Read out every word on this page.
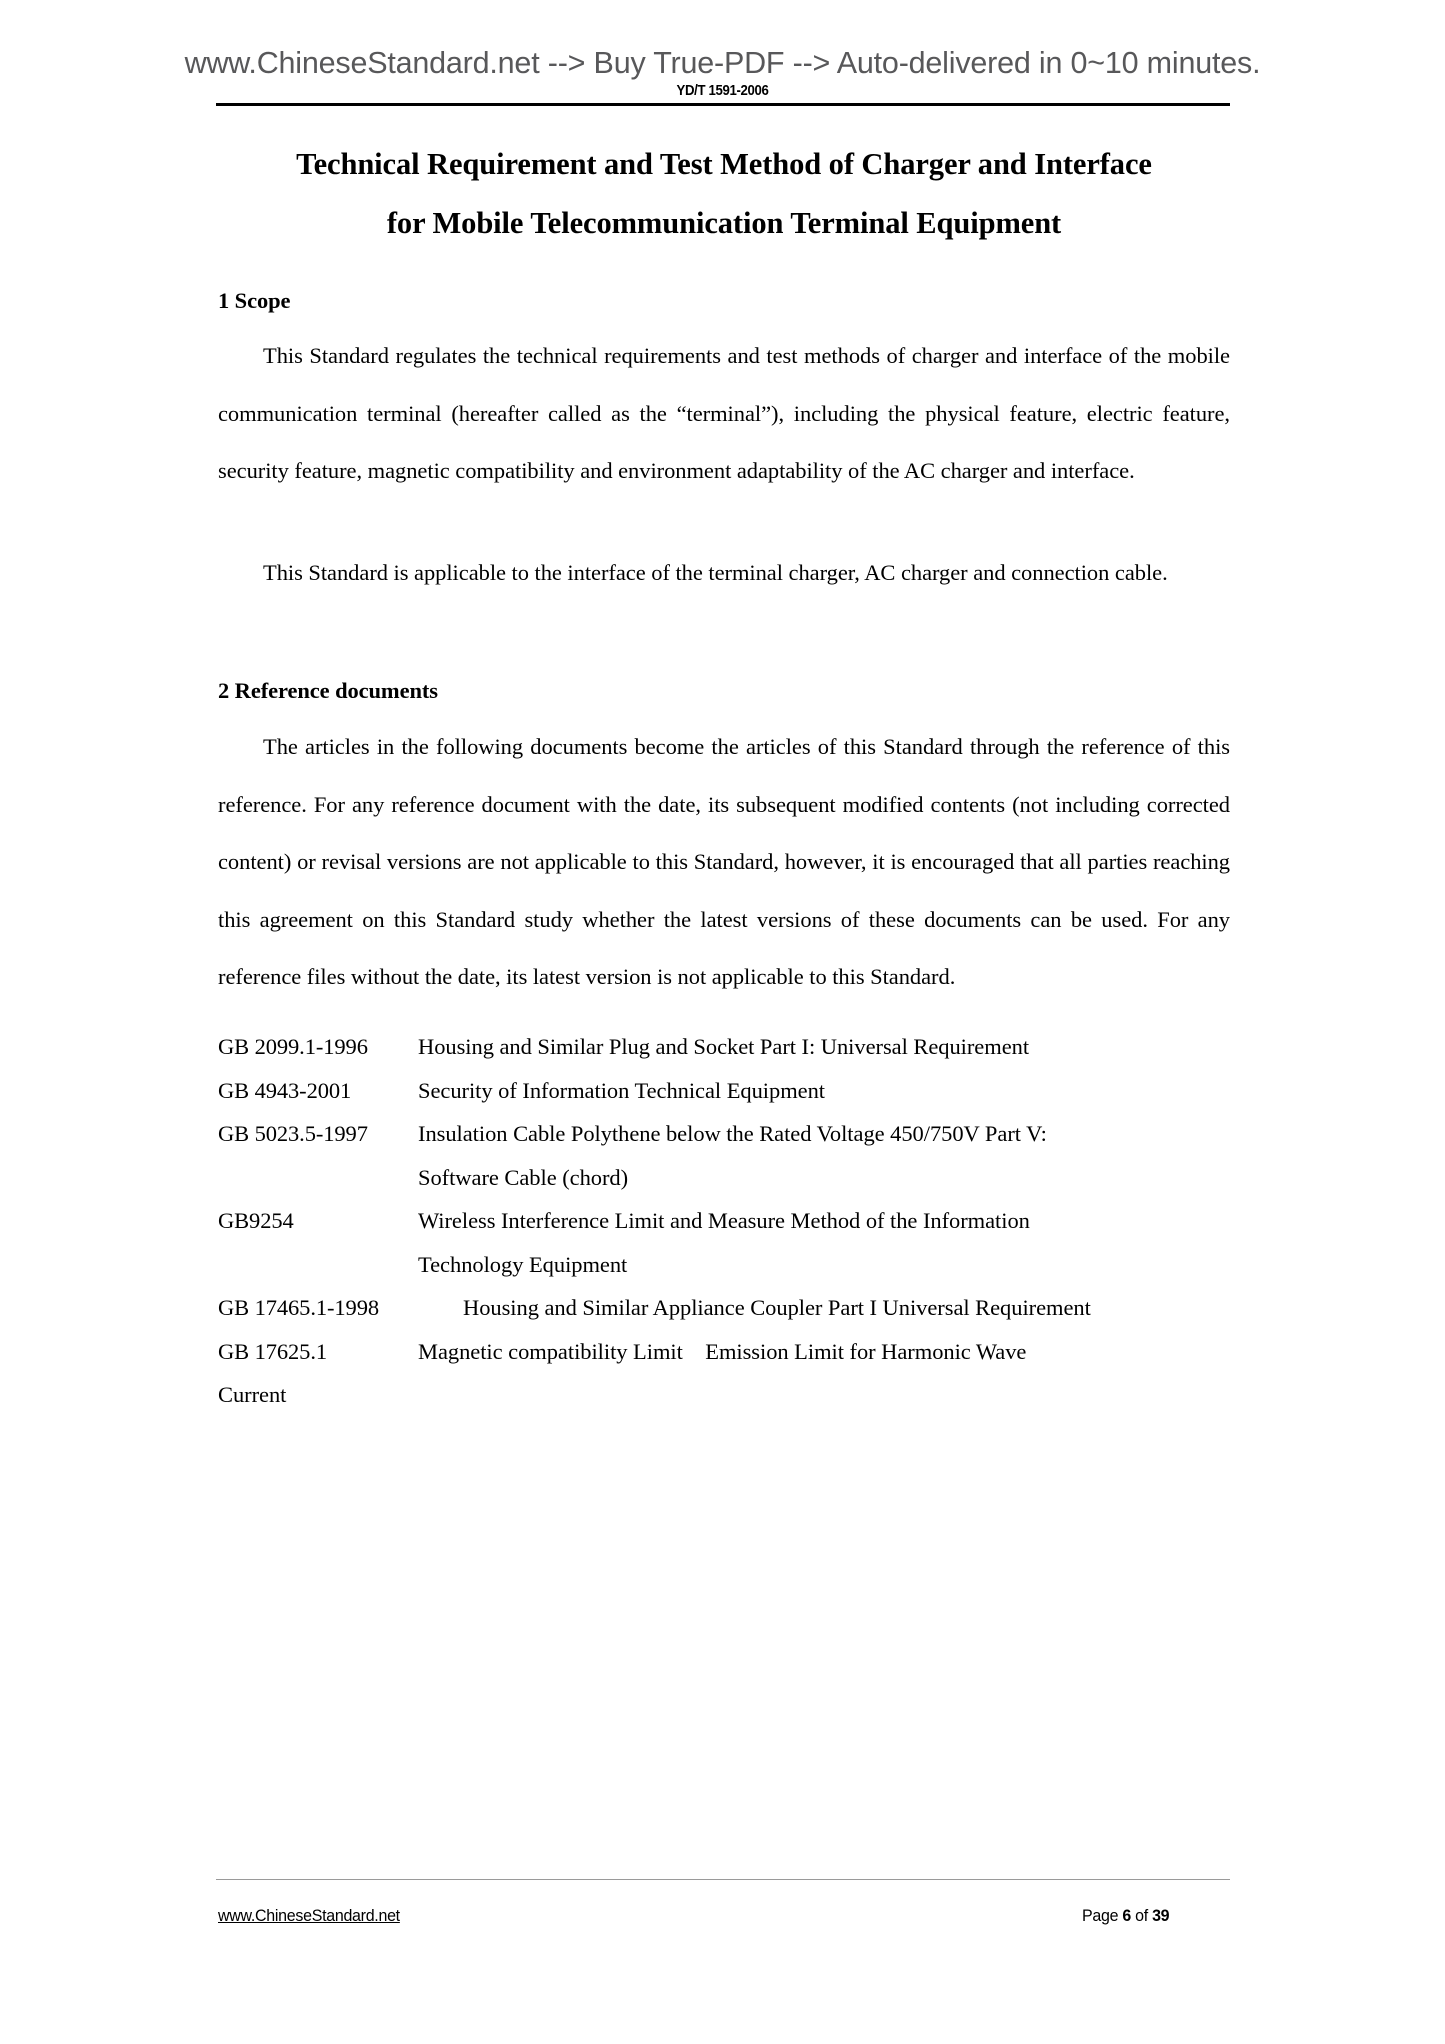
www.ChineseStandard.net --> Buy True-PDF --> Auto-delivered in 0~10 minutes.
YD/T 1591-2006
Technical Requirement and Test Method of Charger and Interface
for Mobile Telecommunication Terminal Equipment
1 Scope

This Standard regulates the technical requirements and test methods of charger and interface of the mobile communication terminal (hereafter called as the “terminal”), including the physical feature, electric feature, security feature, magnetic compatibility and environment adaptability of the AC charger and interface.

This Standard is applicable to the interface of the terminal charger, AC charger and connection cable.

2 Reference documents

The articles in the following documents become the articles of this Standard through the reference of this reference. For any reference document with the date, its subsequent modified contents (not including corrected content) or revisal versions are not applicable to this Standard, however, it is encouraged that all parties reaching this agreement on this Standard study whether the latest versions of these documents can be used. For any reference files without the date, its latest version is not applicable to this Standard.

GB 2099.1-1996	Housing and Similar Plug and Socket Part I: Universal Requirement
GB 4943-2001	Security of Information Technical Equipment
GB 5023.5-1997	Insulation Cable Polythene below the Rated Voltage 450/750V Part V:
Software Cable (chord)
GB9254	Wireless Interference Limit and Measure Method of the Information
Technology Equipment
GB 17465.1-1998	Housing and Similar Appliance Coupler Part I Universal Requirement
GB 17625.1	Magnetic compatibility Limit Emission Limit for Harmonic Wave
Current
www.ChineseStandard.net	Page 6 of 39
